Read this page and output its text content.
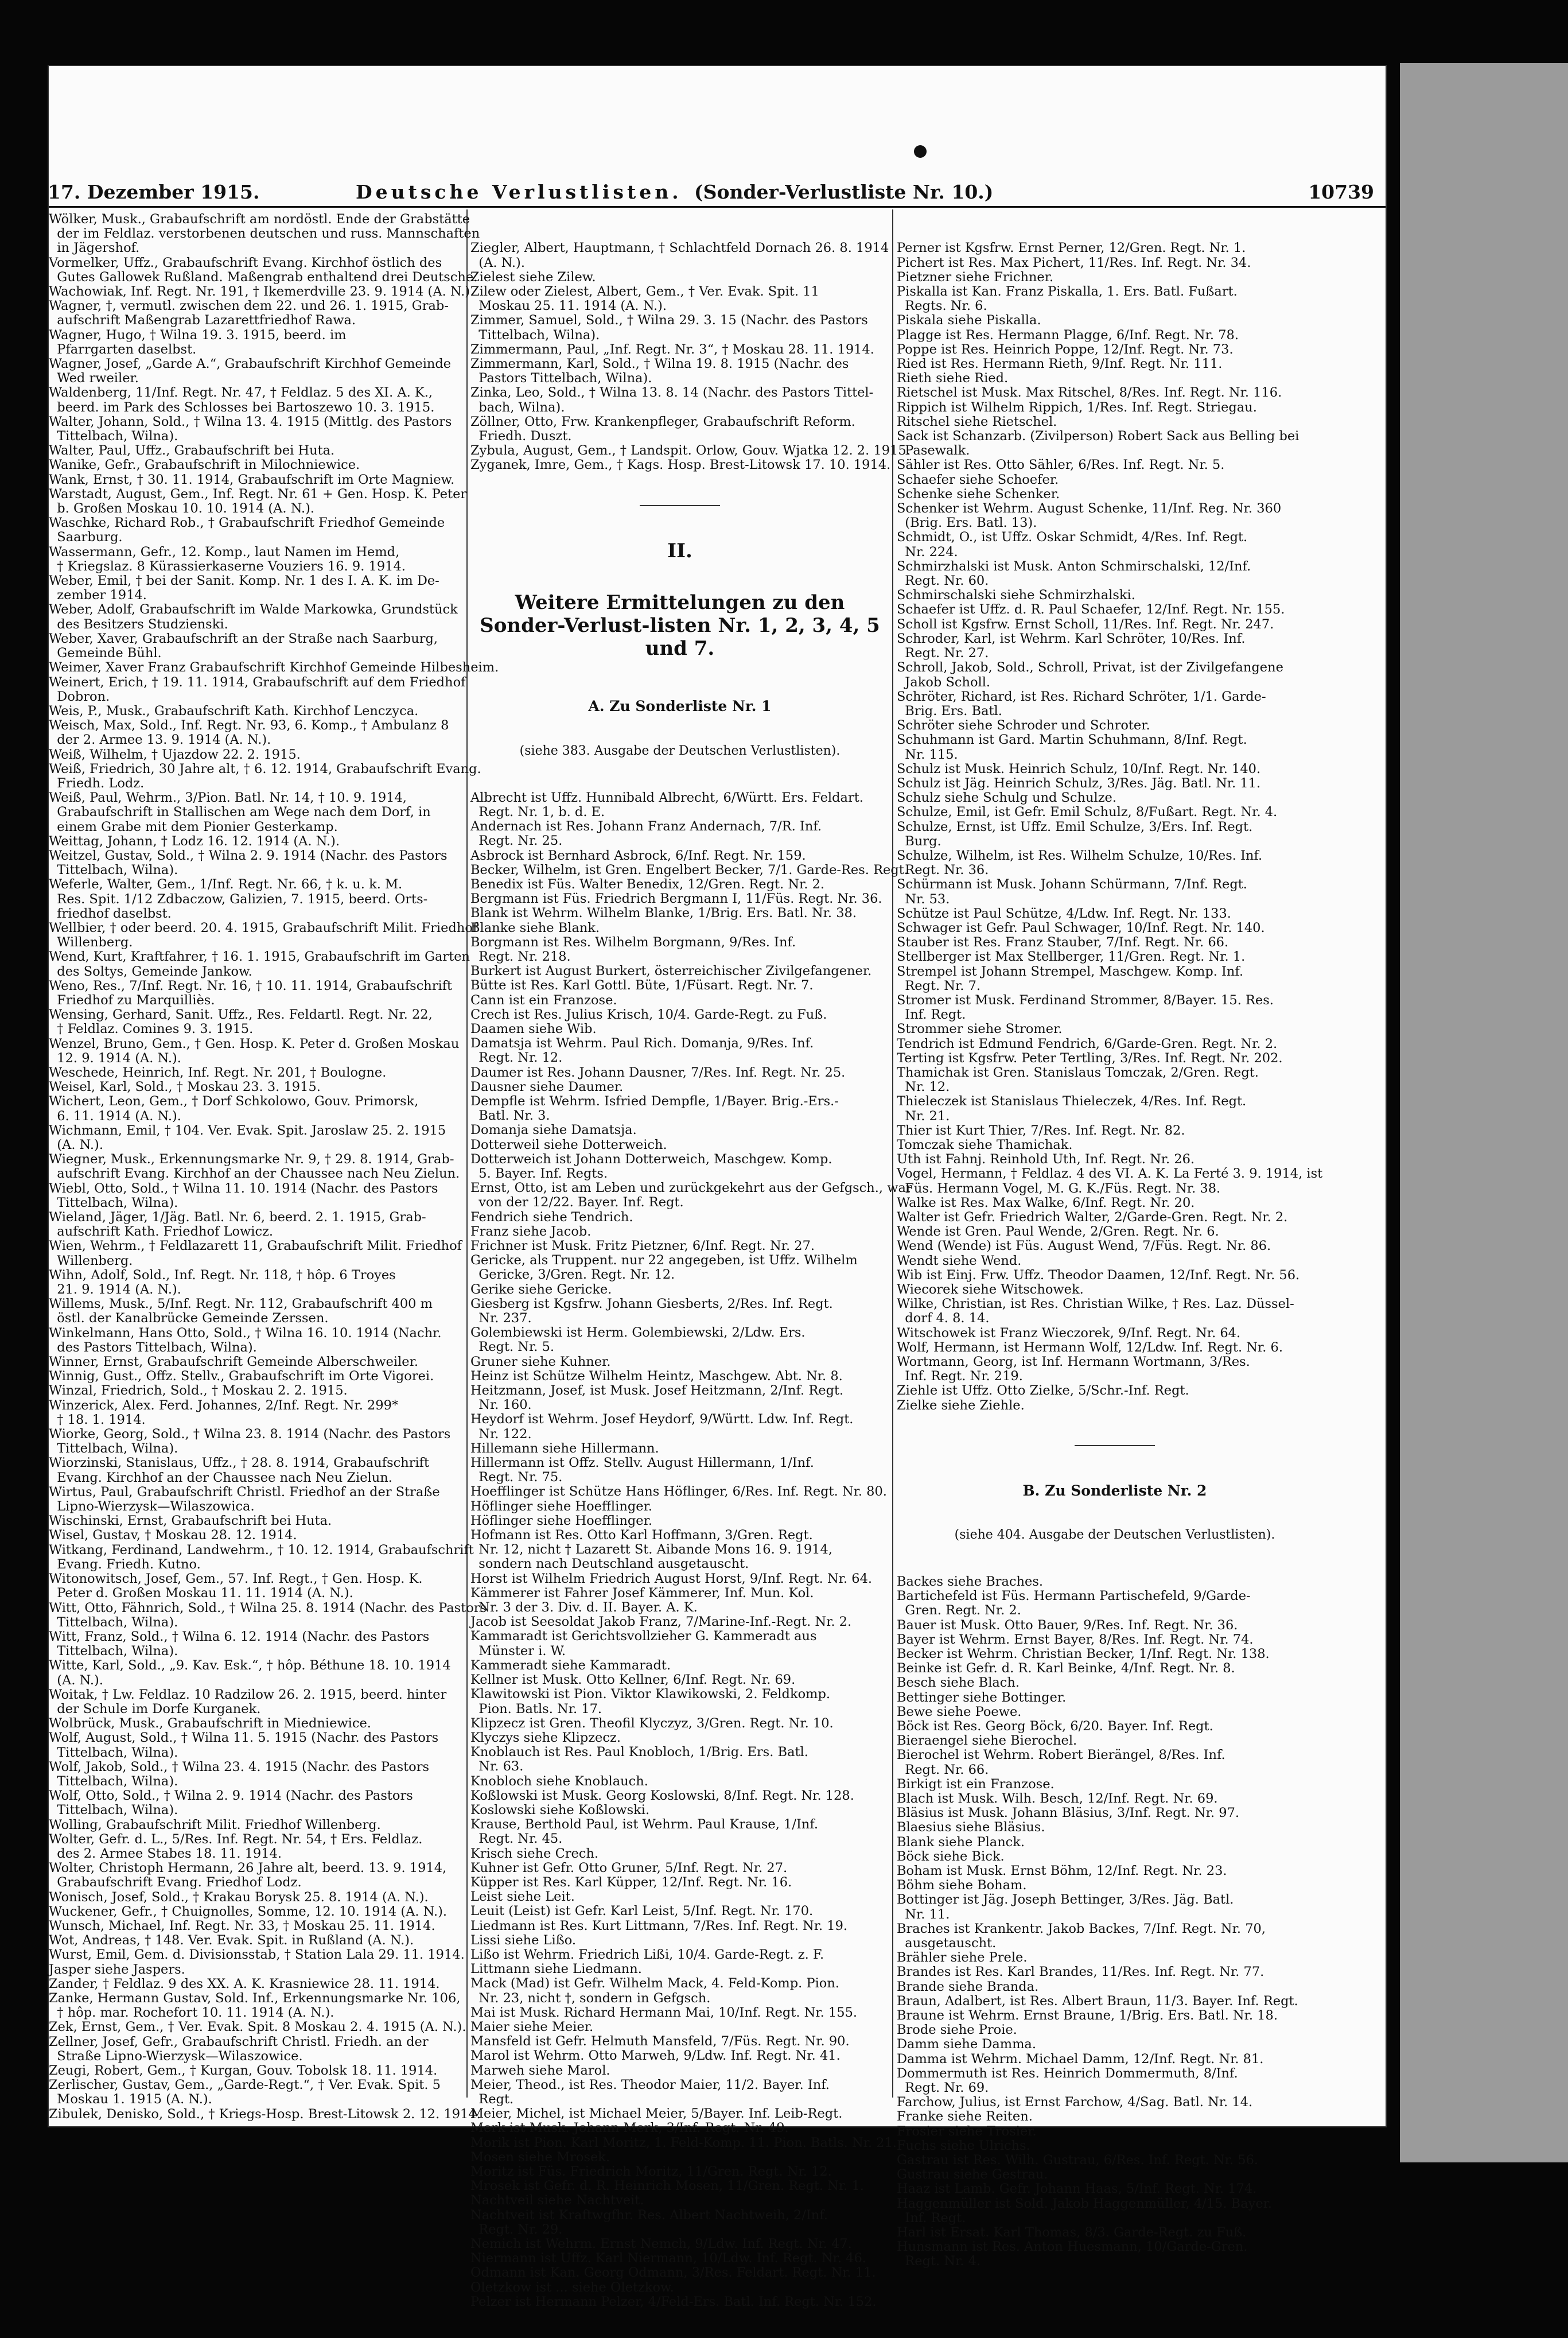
17. Dezember 1915.	Deutsche Verlustlisten. (Sonder-Verlustliste Nr. 10.)	10739

Wölker, Musk., Grabaufschrift am nordöstl. Ende der Grabstätte

der im Feldlaz. verstorbenen deutschen und russ. Mannschaften

in Jägershof.

Vormelker, Uffz., Grabaufschrift Evang. Kirchhof östlich des

Gutes Gallowek Rußland. Maßengrab enthaltend drei Deutsche.

Wachowiak, Inf. Regt. Nr. 191, † Ikemerdville 23. 9. 1914 (A. N.).

Wagner, †, vermutl. zwischen dem 22. und 26. 1. 1915, Grab-

aufschrift Maßengrab Lazarettfriedhof Rawa.

Wagner, Hugo, † Wilna 19. 3. 1915, beerd. im

Pfarrgarten daselbst.

Wagner, Josef, „Garde A.“, Grabaufschrift Kirchhof Gemeinde

Wed rweiler.

Waldenberg, 11/Inf. Regt. Nr. 47, † Feldlaz. 5 des XI. A. K.,

beerd. im Park des Schlosses bei Bartoszewo 10. 3. 1915.

Walter, Johann, Sold., † Wilna 13. 4. 1915 (Mittlg. des Pastors

Tittelbach, Wilna).

Walter, Paul, Uffz., Grabaufschrift bei Huta.

Wanike, Gefr., Grabaufschrift in Milochniewice.

Wank, Ernst, † 30. 11. 1914, Grabaufschrift im Orte Magniew.

Warstadt, August, Gem., Inf. Regt. Nr. 61 + Gen. Hosp. K. Peter

b. Großen Moskau 10. 10. 1914 (A. N.).

Waschke, Richard Rob., † Grabaufschrift Friedhof Gemeinde

Saarburg.

Wassermann, Gefr., 12. Komp., laut Namen im Hemd,

† Kriegslaz. 8 Kürassierkaserne Vouziers 16. 9. 1914.

Weber, Emil, † bei der Sanit. Komp. Nr. 1 des I. A. K. im De-

zember 1914.

Weber, Adolf, Grabaufschrift im Walde Markowka, Grundstück

des Besitzers Studzienski.

Weber, Xaver, Grabaufschrift an der Straße nach Saarburg,

Gemeinde Bühl.

Weimer, Xaver Franz Grabaufschrift Kirchhof Gemeinde Hilbesheim.

Weinert, Erich, † 19. 11. 1914, Grabaufschrift auf dem Friedhof

Dobron.

Weis, P., Musk., Grabaufschrift Kath. Kirchhof Lenczyca.

Weisch, Max, Sold., Inf. Regt. Nr. 93, 6. Komp., † Ambulanz 8

der 2. Armee 13. 9. 1914 (A. N.).

Weiß, Wilhelm, † Ujazdow 22. 2. 1915.

Weiß, Friedrich, 30 Jahre alt, † 6. 12. 1914, Grabaufschrift Evang.

Friedh. Lodz.

Weiß, Paul, Wehrm., 3/Pion. Batl. Nr. 14, † 10. 9. 1914,

Grabaufschrift in Stallischen am Wege nach dem Dorf, in

einem Grabe mit dem Pionier Gesterkamp.

Weittag, Johann, † Lodz 16. 12. 1914 (A. N.).

Weitzel, Gustav, Sold., † Wilna 2. 9. 1914 (Nachr. des Pastors

Tittelbach, Wilna).

Weferle, Walter, Gem., 1/Inf. Regt. Nr. 66, † k. u. k. M.

Res. Spit. 1/12 Zdbaczow, Galizien, 7. 1915, beerd. Orts-

friedhof daselbst.

Wellbier, † oder beerd. 20. 4. 1915, Grabaufschrift Milit. Friedhof

Willenberg.

Wend, Kurt, Kraftfahrer, † 16. 1. 1915, Grabaufschrift im Garten

des Soltys, Gemeinde Jankow.

Weno, Res., 7/Inf. Regt. Nr. 16, † 10. 11. 1914, Grabaufschrift

Friedhof zu Marquilliès.

Wensing, Gerhard, Sanit. Uffz., Res. Feldartl. Regt. Nr. 22,

† Feldlaz. Comines 9. 3. 1915.

Wenzel, Bruno, Gem., † Gen. Hosp. K. Peter d. Großen Moskau

12. 9. 1914 (A. N.).

Weschede, Heinrich, Inf. Regt. Nr. 201, † Boulogne.

Weisel, Karl, Sold., † Moskau 23. 3. 1915.

Wichert, Leon, Gem., † Dorf Schkolowo, Gouv. Primorsk,

6. 11. 1914 (A. N.).

Wichmann, Emil, † 104. Ver. Evak. Spit. Jaroslaw 25. 2. 1915

(A. N.).

Wiegner, Musk., Erkennungsmarke Nr. 9, † 29. 8. 1914, Grab-

aufschrift Evang. Kirchhof an der Chaussee nach Neu Zielun.

Wiebl, Otto, Sold., † Wilna 11. 10. 1914 (Nachr. des Pastors

Tittelbach, Wilna).

Wieland, Jäger, 1/Jäg. Batl. Nr. 6, beerd. 2. 1. 1915, Grab-

aufschrift Kath. Friedhof Lowicz.

Wien, Wehrm., † Feldlazarett 11, Grabaufschrift Milit. Friedhof

Willenberg.

Wihn, Adolf, Sold., Inf. Regt. Nr. 118, † hôp. 6 Troyes

21. 9. 1914 (A. N.).

Willems, Musk., 5/Inf. Regt. Nr. 112, Grabaufschrift 400 m

östl. der Kanalbrücke Gemeinde Zerssen.

Winkelmann, Hans Otto, Sold., † Wilna 16. 10. 1914 (Nachr.

des Pastors Tittelbach, Wilna).

Winner, Ernst, Grabaufschrift Gemeinde Alberschweiler.

Winnig, Gust., Offz. Stellv., Grabaufschrift im Orte Vigorei.

Winzal, Friedrich, Sold., † Moskau 2. 2. 1915.

Winzerick, Alex. Ferd. Johannes, 2/Inf. Regt. Nr. 299*

† 18. 1. 1914.

Wiorke, Georg, Sold., † Wilna 23. 8. 1914 (Nachr. des Pastors

Tittelbach, Wilna).

Wiorzinski, Stanislaus, Uffz., † 28. 8. 1914, Grabaufschrift

Evang. Kirchhof an der Chaussee nach Neu Zielun.

Wirtus, Paul, Grabaufschrift Christl. Friedhof an der Straße

Lipno-Wierzysk—Wilaszowica.

Wischinski, Ernst, Grabaufschrift bei Huta.

Wisel, Gustav, † Moskau 28. 12. 1914.

Witkang, Ferdinand, Landwehrm., † 10. 12. 1914, Grabaufschrift

Evang. Friedh. Kutno.

Witonowitsch, Josef, Gem., 57. Inf. Regt., † Gen. Hosp. K.

Peter d. Großen Moskau 11. 11. 1914 (A. N.).

Witt, Otto, Fähnrich, Sold., † Wilna 25. 8. 1914 (Nachr. des Pastors

Tittelbach, Wilna).

Witt, Franz, Sold., † Wilna 6. 12. 1914 (Nachr. des Pastors

Tittelbach, Wilna).

Witte, Karl, Sold., „9. Kav. Esk.“, † hôp. Béthune 18. 10. 1914

(A. N.).

Woitak, † Lw. Feldlaz. 10 Radzilow 26. 2. 1915, beerd. hinter

der Schule im Dorfe Kurganek.

Wolbrück, Musk., Grabaufschrift in Miedniewice.

Wolf, August, Sold., † Wilna 11. 5. 1915 (Nachr. des Pastors

Tittelbach, Wilna).

Wolf, Jakob, Sold., † Wilna 23. 4. 1915 (Nachr. des Pastors

Tittelbach, Wilna).

Wolf, Otto, Sold., † Wilna 2. 9. 1914 (Nachr. des Pastors

Tittelbach, Wilna).

Wolling, Grabaufschrift Milit. Friedhof Willenberg.

Wolter, Gefr. d. L., 5/Res. Inf. Regt. Nr. 54, † Ers. Feldlaz.

des 2. Armee Stabes 18. 11. 1914.

Wolter, Christoph Hermann, 26 Jahre alt, beerd. 13. 9. 1914,

Grabaufschrift Evang. Friedhof Lodz.

Wonisch, Josef, Sold., † Krakau Borysk 25. 8. 1914 (A. N.).

Wuckener, Gefr., † Chuignolles, Somme, 12. 10. 1914 (A. N.).

Wunsch, Michael, Inf. Regt. Nr. 33, † Moskau 25. 11. 1914.

Wot, Andreas, † 148. Ver. Evak. Spit. in Rußland (A. N.).

Wurst, Emil, Gem. d. Divisionsstab, † Station Lala 29. 11. 1914.

Jasper siehe Jaspers.

Zander, † Feldlaz. 9 des XX. A. K. Krasniewice 28. 11. 1914.

Zanke, Hermann Gustav, Sold. Inf., Erkennungsmarke Nr. 106,

† hôp. mar. Rochefort 10. 11. 1914 (A. N.).

Zek, Ernst, Gem., † Ver. Evak. Spit. 8 Moskau 2. 4. 1915 (A. N.).

Zellner, Josef, Gefr., Grabaufschrift Christl. Friedh. an der

Straße Lipno-Wierzysk—Wilaszowice.

Zeugi, Robert, Gem., † Kurgan, Gouv. Tobolsk 18. 11. 1914.

Zerlischer, Gustav, Gem., „Garde-Regt.“, † Ver. Evak. Spit. 5

Moskau 1. 1915 (A. N.).

Zibulek, Denisko, Sold., † Kriegs-Hosp. Brest-Litowsk 2. 12. 1914.

Ziegler, Albert, Hauptmann, † Schlachtfeld Dornach 26. 8. 1914

(A. N.).

Zielest siehe Zilew.

Zilew oder Zielest, Albert, Gem., † Ver. Evak. Spit. 11

Moskau 25. 11. 1914 (A. N.).

Zimmer, Samuel, Sold., † Wilna 29. 3. 15 (Nachr. des Pastors

Tittelbach, Wilna).

Zimmermann, Paul, „Inf. Regt. Nr. 3“, † Moskau 28. 11. 1914.

Zimmermann, Karl, Sold., † Wilna 19. 8. 1915 (Nachr. des

Pastors Tittelbach, Wilna).

Zinka, Leo, Sold., † Wilna 13. 8. 14 (Nachr. des Pastors Tittel-

bach, Wilna).

Zöllner, Otto, Frw. Krankenpfleger, Grabaufschrift Reform.

Friedh. Duszt.

Zybula, August, Gem., † Landspit. Orlow, Gouv. Wjatka 12. 2. 1915.

Zyganek, Imre, Gem., † Kags. Hosp. Brest-Litowsk 17. 10. 1914.

II.

Weitere Ermittelungen zu den Sonder-Verlust-listen Nr. 1, 2, 3, 4, 5 und 7.

A. Zu Sonderliste Nr. 1

(siehe 383. Ausgabe der Deutschen Verlustlisten).

Albrecht ist Uffz. Hunnibald Albrecht, 6/Württ. Ers. Feldart.

Regt. Nr. 1, b. d. E.

Andernach ist Res. Johann Franz Andernach, 7/R. Inf.

Regt. Nr. 25.

Asbrock ist Bernhard Asbrock, 6/Inf. Regt. Nr. 159.

Becker, Wilhelm, ist Gren. Engelbert Becker, 7/1. Garde-Res. Regt.

Benedix ist Füs. Walter Benedix, 12/Gren. Regt. Nr. 2.

Bergmann ist Füs. Friedrich Bergmann I, 11/Füs. Regt. Nr. 36.

Blank ist Wehrm. Wilhelm Blanke, 1/Brig. Ers. Batl. Nr. 38.

Blanke siehe Blank.

Borgmann ist Res. Wilhelm Borgmann, 9/Res. Inf.

Regt. Nr. 218.

Burkert ist August Burkert, österreichischer Zivilgefangener.

Bütte ist Res. Karl Gottl. Büte, 1/Füsart. Regt. Nr. 7.

Cann ist ein Franzose.

Crech ist Res. Julius Krisch, 10/4. Garde-Regt. zu Fuß.

Daamen siehe Wib.

Damatsja ist Wehrm. Paul Rich. Domanja, 9/Res. Inf.

Regt. Nr. 12.

Daumer ist Res. Johann Dausner, 7/Res. Inf. Regt. Nr. 25.

Dausner siehe Daumer.

Dempfle ist Wehrm. Isfried Dempfle, 1/Bayer. Brig.-Ers.-

Batl. Nr. 3.

Domanja siehe Damatsja.

Dotterweil siehe Dotterweich.

Dotterweich ist Johann Dotterweich, Maschgew. Komp.

5. Bayer. Inf. Regts.

Ernst, Otto, ist am Leben und zurückgekehrt aus der Gefgsch., war

von der 12/22. Bayer. Inf. Regt.

Fendrich siehe Tendrich.

Franz siehe Jacob.

Frichner ist Musk. Fritz Pietzner, 6/Inf. Regt. Nr. 27.

Gericke, als Truppent. nur 22 angegeben, ist Uffz. Wilhelm

Gericke, 3/Gren. Regt. Nr. 12.

Gerike siehe Gericke.

Giesberg ist Kgsfrw. Johann Giesberts, 2/Res. Inf. Regt.

Nr. 237.

Golembiewski ist Herm. Golembiewski, 2/Ldw. Ers.

Regt. Nr. 5.

Gruner siehe Kuhner.

Heinz ist Schütze Wilhelm Heintz, Maschgew. Abt. Nr. 8.

Heitzmann, Josef, ist Musk. Josef Heitzmann, 2/Inf. Regt.

Nr. 160.

Heydorf ist Wehrm. Josef Heydorf, 9/Württ. Ldw. Inf. Regt.

Nr. 122.

Hillemann siehe Hillermann.

Hillermann ist Offz. Stellv. August Hillermann, 1/Inf.

Regt. Nr. 75.

Hoefflinger ist Schütze Hans Höflinger, 6/Res. Inf. Regt. Nr. 80.

Höflinger siehe Hoefflinger.

Höflinger siehe Hoefflinger.

Hofmann ist Res. Otto Karl Hoffmann, 3/Gren. Regt.

Nr. 12, nicht † Lazarett St. Aibande Mons 16. 9. 1914,

sondern nach Deutschland ausgetauscht.

Horst ist Wilhelm Friedrich August Horst, 9/Inf. Regt. Nr. 64.

Kämmerer ist Fahrer Josef Kämmerer, Inf. Mun. Kol.

Nr. 3 der 3. Div. d. II. Bayer. A. K.

Jacob ist Seesoldat Jakob Franz, 7/Marine-Inf.-Regt. Nr. 2.

Kammaradt ist Gerichtsvollzieher G. Kammeradt aus

Münster i. W.

Kammeradt siehe Kammaradt.

Kellner ist Musk. Otto Kellner, 6/Inf. Regt. Nr. 69.

Klawitowski ist Pion. Viktor Klawikowski, 2. Feldkomp.

Pion. Batls. Nr. 17.

Klipzecz ist Gren. Theofil Klyczyz, 3/Gren. Regt. Nr. 10.

Klyczys siehe Klipzecz.

Knoblauch ist Res. Paul Knobloch, 1/Brig. Ers. Batl.

Nr. 63.

Knobloch siehe Knoblauch.

Koßlowski ist Musk. Georg Koslowski, 8/Inf. Regt. Nr. 128.

Koslowski siehe Koßlowski.

Krause, Berthold Paul, ist Wehrm. Paul Krause, 1/Inf.

Regt. Nr. 45.

Krisch siehe Crech.

Kuhner ist Gefr. Otto Gruner, 5/Inf. Regt. Nr. 27.

Küpper ist Res. Karl Küpper, 12/Inf. Regt. Nr. 16.

Leist siehe Leit.

Leuit (Leist) ist Gefr. Karl Leist, 5/Inf. Regt. Nr. 170.

Liedmann ist Res. Kurt Littmann, 7/Res. Inf. Regt. Nr. 19.

Lissi siehe Lißo.

Lißo ist Wehrm. Friedrich Lißi, 10/4. Garde-Regt. z. F.

Littmann siehe Liedmann.

Mack (Mad) ist Gefr. Wilhelm Mack, 4. Feld-Komp. Pion.

Nr. 23, nicht †, sondern in Gefgsch.

Mai ist Musk. Richard Hermann Mai, 10/Inf. Regt. Nr. 155.

Maier siehe Meier.

Mansfeld ist Gefr. Helmuth Mansfeld, 7/Füs. Regt. Nr. 90.

Marol ist Wehrm. Otto Marweh, 9/Ldw. Inf. Regt. Nr. 41.

Marweh siehe Marol.

Meier, Theod., ist Res. Theodor Maier, 11/2. Bayer. Inf.

Regt.

Meier, Michel, ist Michael Meier, 5/Bayer. Inf. Leib-Regt.

Merk ist Musk. Johann Merk, 3/Inf. Regt. Nr. 49.

Morik ist Pion. Karl Moritz, 1. Feld-Komp. 11. Pion. Batls. Nr. 21.

Mosen siehe Mrosek.

Moritz ist Füs. Friedrich Moritz, 11/Gren. Regt. Nr. 12.

Mrosek ist Gefr. d. R. Heinrich Mosen, 11/Gren. Regt. Nr. 1.

Nachtveil siehe Nachtveit.

Nachtveit ist Kraftwgfhr. Res. Albert Nachtweih, 2/Inf.

Regt. Nr. 29.

Nemich ist Wehrm. Ernst Nemch, 9/Ldw. Inf. Regt. Nr. 47.

Niermann ist Uffz. Karl Niermann, 10/Ldw. Inf. Regt. Nr. 46.

Odmann ist Kan. Georg Odmann, 3/Res. Feldart. Regt. Nr. 11.

Oletzkow ist ... siehe Oletzkow.

Pelzer ist Hermann Pelzer, 4/Feld-Ers. Batl. Inf. Regt. Nr. 152.

Perner ist Kgsfrw. Ernst Perner, 12/Gren. Regt. Nr. 1.

Pichert ist Res. Max Pichert, 11/Res. Inf. Regt. Nr. 34.

Pietzner siehe Frichner.

Piskalla ist Kan. Franz Piskalla, 1. Ers. Batl. Fußart.

Regts. Nr. 6.

Piskala siehe Piskalla.

Plagge ist Res. Hermann Plagge, 6/Inf. Regt. Nr. 78.

Poppe ist Res. Heinrich Poppe, 12/Inf. Regt. Nr. 73.

Ried ist Res. Hermann Rieth, 9/Inf. Regt. Nr. 111.

Rieth siehe Ried.

Rietschel ist Musk. Max Ritschel, 8/Res. Inf. Regt. Nr. 116.

Rippich ist Wilhelm Rippich, 1/Res. Inf. Regt. Striegau.

Ritschel siehe Rietschel.

Sack ist Schanzarb. (Zivilperson) Robert Sack aus Belling bei

Pasewalk.

Sähler ist Res. Otto Sähler, 6/Res. Inf. Regt. Nr. 5.

Schaefer siehe Schoefer.

Schenke siehe Schenker.

Schenker ist Wehrm. August Schenke, 11/Inf. Reg. Nr. 360

(Brig. Ers. Batl. 13).

Schmidt, O., ist Uffz. Oskar Schmidt, 4/Res. Inf. Regt.

Nr. 224.

Schmirzhalski ist Musk. Anton Schmirschalski, 12/Inf.

Regt. Nr. 60.

Schmirschalski siehe Schmirzhalski.

Schaefer ist Uffz. d. R. Paul Schaefer, 12/Inf. Regt. Nr. 155.

Scholl ist Kgsfrw. Ernst Scholl, 11/Res. Inf. Regt. Nr. 247.

Schroder, Karl, ist Wehrm. Karl Schröter, 10/Res. Inf.

Regt. Nr. 27.

Schroll, Jakob, Sold., Schroll, Privat, ist der Zivilgefangene

Jakob Scholl.

Schröter, Richard, ist Res. Richard Schröter, 1/1. Garde-

Brig. Ers. Batl.

Schröter siehe Schroder und Schroter.

Schuhmann ist Gard. Martin Schuhmann, 8/Inf. Regt.

Nr. 115.

Schulz ist Musk. Heinrich Schulz, 10/Inf. Regt. Nr. 140.

Schulz ist Jäg. Heinrich Schulz, 3/Res. Jäg. Batl. Nr. 11.

Schulz siehe Schulg und Schulze.

Schulze, Emil, ist Gefr. Emil Schulz, 8/Fußart. Regt. Nr. 4.

Schulze, Ernst, ist Uffz. Emil Schulze, 3/Ers. Inf. Regt.

Burg.

Schulze, Wilhelm, ist Res. Wilhelm Schulze, 10/Res. Inf.

Regt. Nr. 36.

Schürmann ist Musk. Johann Schürmann, 7/Inf. Regt.

Nr. 53.

Schütze ist Paul Schütze, 4/Ldw. Inf. Regt. Nr. 133.

Schwager ist Gefr. Paul Schwager, 10/Inf. Regt. Nr. 140.

Stauber ist Res. Franz Stauber, 7/Inf. Regt. Nr. 66.

Stellberger ist Max Stellberger, 11/Gren. Regt. Nr. 1.

Strempel ist Johann Strempel, Maschgew. Komp. Inf.

Regt. Nr. 7.

Stromer ist Musk. Ferdinand Strommer, 8/Bayer. 15. Res.

Inf. Regt.

Strommer siehe Stromer.

Tendrich ist Edmund Fendrich, 6/Garde-Gren. Regt. Nr. 2.

Terting ist Kgsfrw. Peter Tertling, 3/Res. Inf. Regt. Nr. 202.

Thamichak ist Gren. Stanislaus Tomczak, 2/Gren. Regt.

Nr. 12.

Thieleczek ist Stanislaus Thieleczek, 4/Res. Inf. Regt.

Nr. 21.

Thier ist Kurt Thier, 7/Res. Inf. Regt. Nr. 82.

Tomczak siehe Thamichak.

Uth ist Fahnj. Reinhold Uth, Inf. Regt. Nr. 26.

Vogel, Hermann, † Feldlaz. 4 des VI. A. K. La Ferté 3. 9. 1914, ist

Füs. Hermann Vogel, M. G. K./Füs. Regt. Nr. 38.

Walke ist Res. Max Walke, 6/Inf. Regt. Nr. 20.

Walter ist Gefr. Friedrich Walter, 2/Garde-Gren. Regt. Nr. 2.

Wende ist Gren. Paul Wende, 2/Gren. Regt. Nr. 6.

Wend (Wende) ist Füs. August Wend, 7/Füs. Regt. Nr. 86.

Wendt siehe Wend.

Wib ist Einj. Frw. Uffz. Theodor Daamen, 12/Inf. Regt. Nr. 56.

Wiecorek siehe Witschowek.

Wilke, Christian, ist Res. Christian Wilke, † Res. Laz. Düssel-

dorf 4. 8. 14.

Witschowek ist Franz Wieczorek, 9/Inf. Regt. Nr. 64.

Wolf, Hermann, ist Hermann Wolf, 12/Ldw. Inf. Regt. Nr. 6.

Wortmann, Georg, ist Inf. Hermann Wortmann, 3/Res.

Inf. Regt. Nr. 219.

Ziehle ist Uffz. Otto Zielke, 5/Schr.-Inf. Regt.

Zielke siehe Ziehle.

B. Zu Sonderliste Nr. 2

(siehe 404. Ausgabe der Deutschen Verlustlisten).

Backes siehe Braches.

Bartichefeld ist Füs. Hermann Partischefeld, 9/Garde-

Gren. Regt. Nr. 2.

Bauer ist Musk. Otto Bauer, 9/Res. Inf. Regt. Nr. 36.

Bayer ist Wehrm. Ernst Bayer, 8/Res. Inf. Regt. Nr. 74.

Becker ist Wehrm. Christian Becker, 1/Inf. Regt. Nr. 138.

Beinke ist Gefr. d. R. Karl Beinke, 4/Inf. Regt. Nr. 8.

Besch siehe Blach.

Bettinger siehe Bottinger.

Bewe siehe Poewe.

Böck ist Res. Georg Böck, 6/20. Bayer. Inf. Regt.

Bieraengel siehe Bierochel.

Bierochel ist Wehrm. Robert Bierängel, 8/Res. Inf.

Regt. Nr. 66.

Birkigt ist ein Franzose.

Blach ist Musk. Wilh. Besch, 12/Inf. Regt. Nr. 69.

Bläsius ist Musk. Johann Bläsius, 3/Inf. Regt. Nr. 97.

Blaesius siehe Bläsius.

Blank siehe Planck.

Böck siehe Bick.

Boham ist Musk. Ernst Böhm, 12/Inf. Regt. Nr. 23.

Böhm siehe Boham.

Bottinger ist Jäg. Joseph Bettinger, 3/Res. Jäg. Batl.

Nr. 11.

Braches ist Krankentr. Jakob Backes, 7/Inf. Regt. Nr. 70,

ausgetauscht.

Brähler siehe Prele.

Brandes ist Res. Karl Brandes, 11/Res. Inf. Regt. Nr. 77.

Brande siehe Branda.

Braun, Adalbert, ist Res. Albert Braun, 11/3. Bayer. Inf. Regt.

Braune ist Wehrm. Ernst Braune, 1/Brig. Ers. Batl. Nr. 18.

Brode siehe Proie.

Damm siehe Damma.

Damma ist Wehrm. Michael Damm, 12/Inf. Regt. Nr. 81.

Dommermuth ist Res. Heinrich Dommermuth, 8/Inf.

Regt. Nr. 69.

Farchow, Julius, ist Ernst Farchow, 4/Sag. Batl. Nr. 14.

Franke siehe Reiten.

Frosier siehe Trosier.

Fuchs siehe Ulrichs.

Gastrau ist Res. Wilh. Gustrau, 6/Res. Inf. Regt. Nr. 56.

Gustrau siehe Gestrau.

Haaz ist Lamb. Gefr. Johann Haas, 5/Inf. Regt. Nr. 174.

Haggenmüller ist Sold. Jakob Haggenmüller, 4/15. Bayer.

Inf. Regt.

Harl ist Ersat. Karl Thomas, 8/3. Garde-Regt. zu Fuß.

Hunsmann ist Res. Anton Huesmann, 10/Garde-Gren.

Regt. Nr. 4.
